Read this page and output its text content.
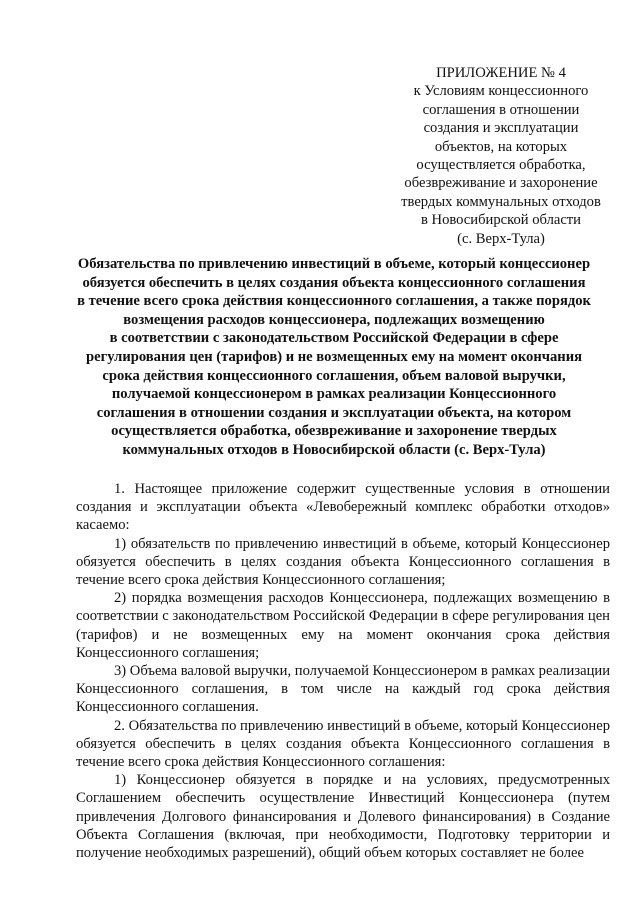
ПРИЛОЖЕНИЕ № 4
к Условиям концессионного
соглашения в отношении
создания и эксплуатации
объектов, на которых
осуществляется обработка,
обезвреживание и захоронение
твердых коммунальных отходов
в Новосибирской области
(с. Верх-Тула)
Обязательства по привлечению инвестиций в объеме, который концессионер
обязуется обеспечить в целях создания объекта концессионного соглашения
в течение всего срока действия концессионного соглашения, а также порядок
возмещения расходов концессионера, подлежащих возмещению
в соответствии с законодательством Российской Федерации в сфере
регулирования цен (тарифов) и не возмещенных ему на момент окончания
срока действия концессионного соглашения, объем валовой выручки,
получаемой концессионером в рамках реализации Концессионного
соглашения в отношении создания и эксплуатации объекта, на котором
осуществляется обработка, обезвреживание и захоронение твердых
коммунальных отходов в Новосибирской области (с. Верх-Тула)

1. Настоящее приложение содержит существенные условия в отношении создания и эксплуатации объекта «Левобережный комплекс обработки отходов» касаемо:

1) обязательств по привлечению инвестиций в объеме, который Концессионер обязуется обеспечить в целях создания объекта Концессионного соглашения в течение всего срока действия Концессионного соглашения;

2) порядка возмещения расходов Концессионера, подлежащих возмещению в соответствии с законодательством Российской Федерации в сфере регулирования цен (тарифов) и не возмещенных ему на момент окончания срока действия Концессионного соглашения;

3) Объема валовой выручки, получаемой Концессионером в рамках реализации Концессионного соглашения, в том числе на каждый год срока действия Концессионного соглашения.

2. Обязательства по привлечению инвестиций в объеме, который Концессионер обязуется обеспечить в целях создания объекта Концессионного соглашения в течение всего срока действия Концессионного соглашения:

1) Концессионер обязуется в порядке и на условиях, предусмотренных Соглашением обеспечить осуществление Инвестиций Концессионера (путем привлечения Долгового финансирования и Долевого финансирования) в Создание Объекта Соглашения (включая, при необходимости, Подготовку территории и получение необходимых разрешений), общий объем которых составляет не более
